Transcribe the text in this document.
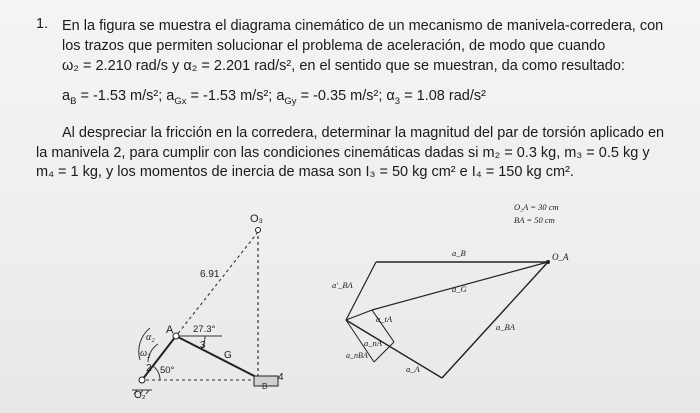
1. En la figura se muestra el diagrama cinemático de un mecanismo de manivela-corredera, con
los trazos que permiten solucionar el problema de aceleración, de modo que cuando
ω₂ = 2.210 rad/s y α₂ = 2.201 rad/s², en el sentido que se muestran, da como resultado:
$a_B = -1.53$ m/s²; $a_{Gx} = -1.53$ m/s²; $a_{Gy} = -0.35$ m/s²; $\alpha_3 = 1.08$ rad/s²
Al despreciar la fricción en la corredera, determinar la magnitud del par de torsión aplicado en
la manivela 2, para cumplir con las condiciones cinemáticas dadas si m₂ = 0.3 kg, m₃ = 0.5 kg y
m₄ = 1 kg, y los momentos de inercia de masa son I₃ = 50 kg cm² e I₄ = 150 kg cm².
O₃
6.91
A 27.3°
3
G
α₂
ω₂
2 50°
O₂
4
B
O₂A = 30 cm
BA = 50 cm
O_A
a_B
a_G
a'_BA
a_tA
a_nA
a_nBA
a_BA
a_A
